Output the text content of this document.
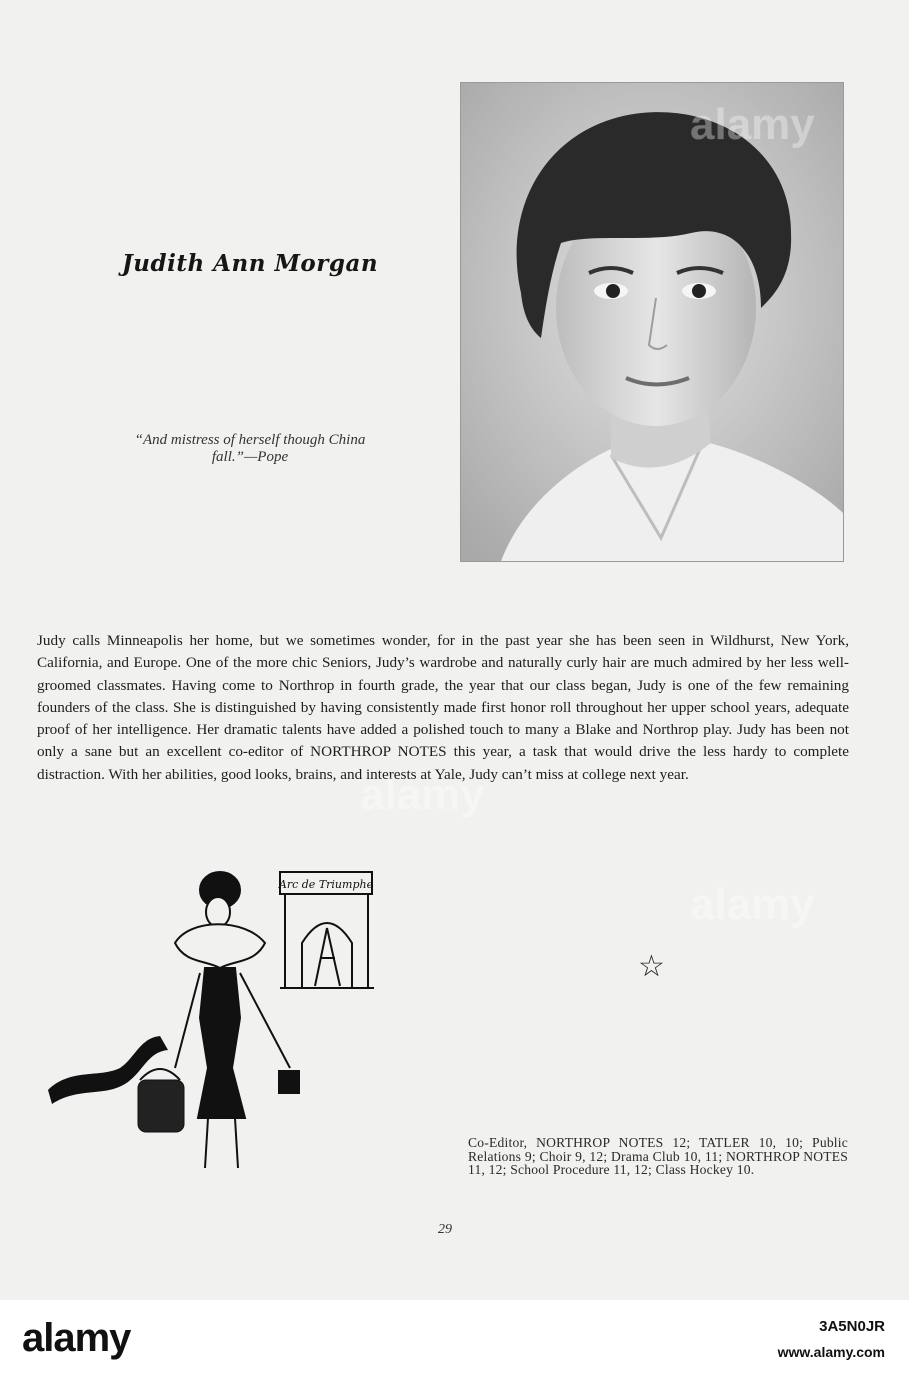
Judith Ann Morgan
“And mistress of herself though China
fall.”—Pope
Judy calls Minneapolis her home, but we sometimes wonder, for in the past year she has been seen in Wildhurst, New York, California, and Europe. One of the more chic Seniors, Judy’s wardrobe and naturally curly hair are much admired by her less well-groomed classmates. Having come to Northrop in fourth grade, the year that our class began, Judy is one of the few remaining founders of the class. She is distinguished by having consistently made first honor roll throughout her upper school years, adequate proof of her intelligence. Her dramatic talents have added a polished touch to many a Blake and Northrop play. Judy has been not only a sane but an excellent co-editor of NORTHROP NOTES this year, a task that would drive the less hardy to complete distraction. With her abilities, good looks, brains, and interests at Yale, Judy can’t miss at college next year.
Arc de Triumphe
☆
Co-Editor, NORTHROP NOTES 12; TATLER 10, 10; Public Relations 9; Choir 9, 12; Drama Club 10, 11; NORTHROP NOTES 11, 12; School Procedure 11, 12; Class Hockey 10.
29
alamy
alamy
alamy
alamy	3A5N0JR
www.alamy.com
